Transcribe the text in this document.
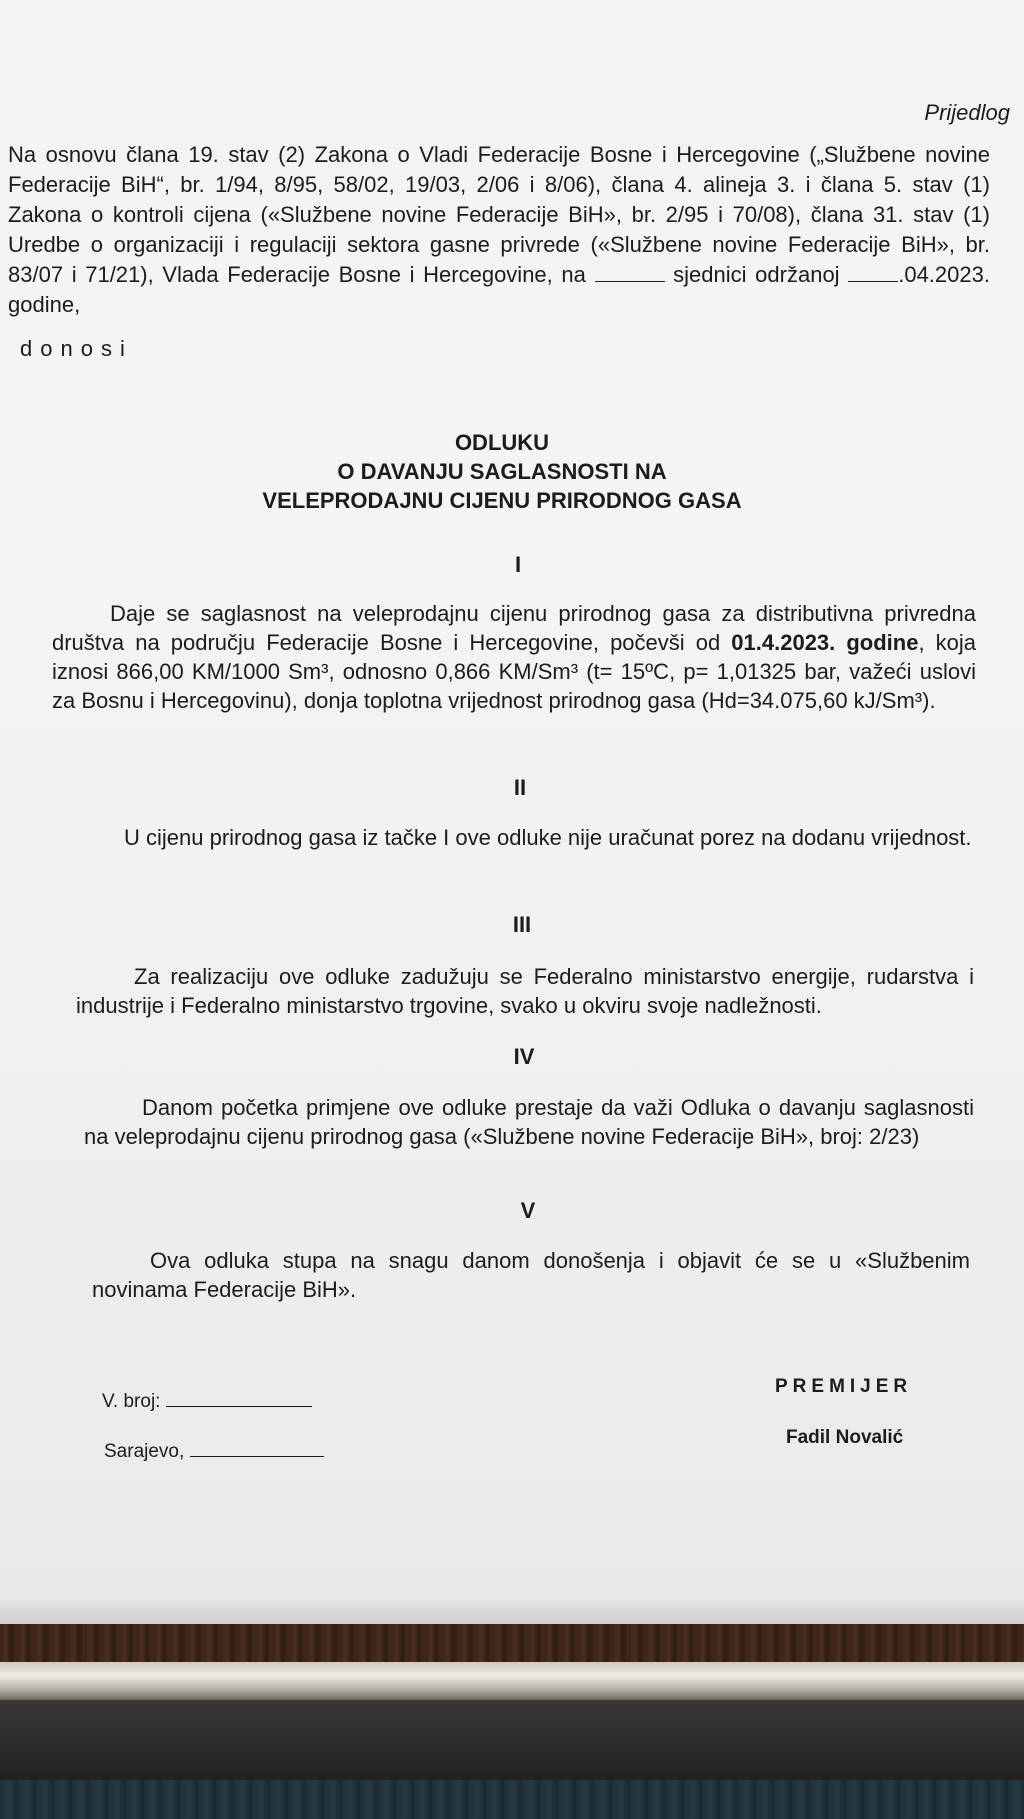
Prijedlog

Na osnovu člana 19. stav (2) Zakona o Vladi Federacije Bosne i Hercegovine („Službene novine Federacije BiH“, br. 1/94, 8/95, 58/02, 19/03, 2/06 i 8/06), člana 4. alineja 3. i člana 5. stav (1) Zakona o kontroli cijena («Službene novine Federacije BiH», br. 2/95 i 70/08), člana 31. stav (1) Uredbe o organizaciji i regulaciji sektora gasne privrede («Službene novine Federacije BiH», br. 83/07 i 71/21), Vlada Federacije Bosne i Hercegovine, na	sjednici održanoj	.04.2023. godine,

donosi
ODLUKU
O DAVANJU SAGLASNOSTI NA
VELEPRODAJNU CIJENU PRIRODNOG GASA
I

Daje se saglasnost na veleprodajnu cijenu prirodnog gasa za distributivna privredna društva na području Federacije Bosne i Hercegovine, počevši od 01.4.2023. godine, koja iznosi 866,00 KM/1000 Sm³, odnosno 0,866 KM/Sm³ (t= 15ºC, p= 1,01325 bar, važeći uslovi za Bosnu i Hercegovinu), donja toplotna vrijednost prirodnog gasa (Hd=34.075,60 kJ/Sm³).

II

U cijenu prirodnog gasa iz tačke I ove odluke nije uračunat porez na dodanu vrijednost.

III

Za realizaciju ove odluke zadužuju se Federalno ministarstvo energije, rudarstva i industrije i Federalno ministarstvo trgovine, svako u okviru svoje nadležnosti.

IV

Danom početka primjene ove odluke prestaje da važi Odluka o davanju saglasnosti na veleprodajnu cijenu prirodnog gasa («Službene novine Federacije BiH», broj: 2/23)

V

Ova odluka stupa na snagu danom donošenja i objavit će se u «Službenim novinama Federacije BiH».

V. broj:
Sarajevo,
PREMIJER
Fadil Novalić
